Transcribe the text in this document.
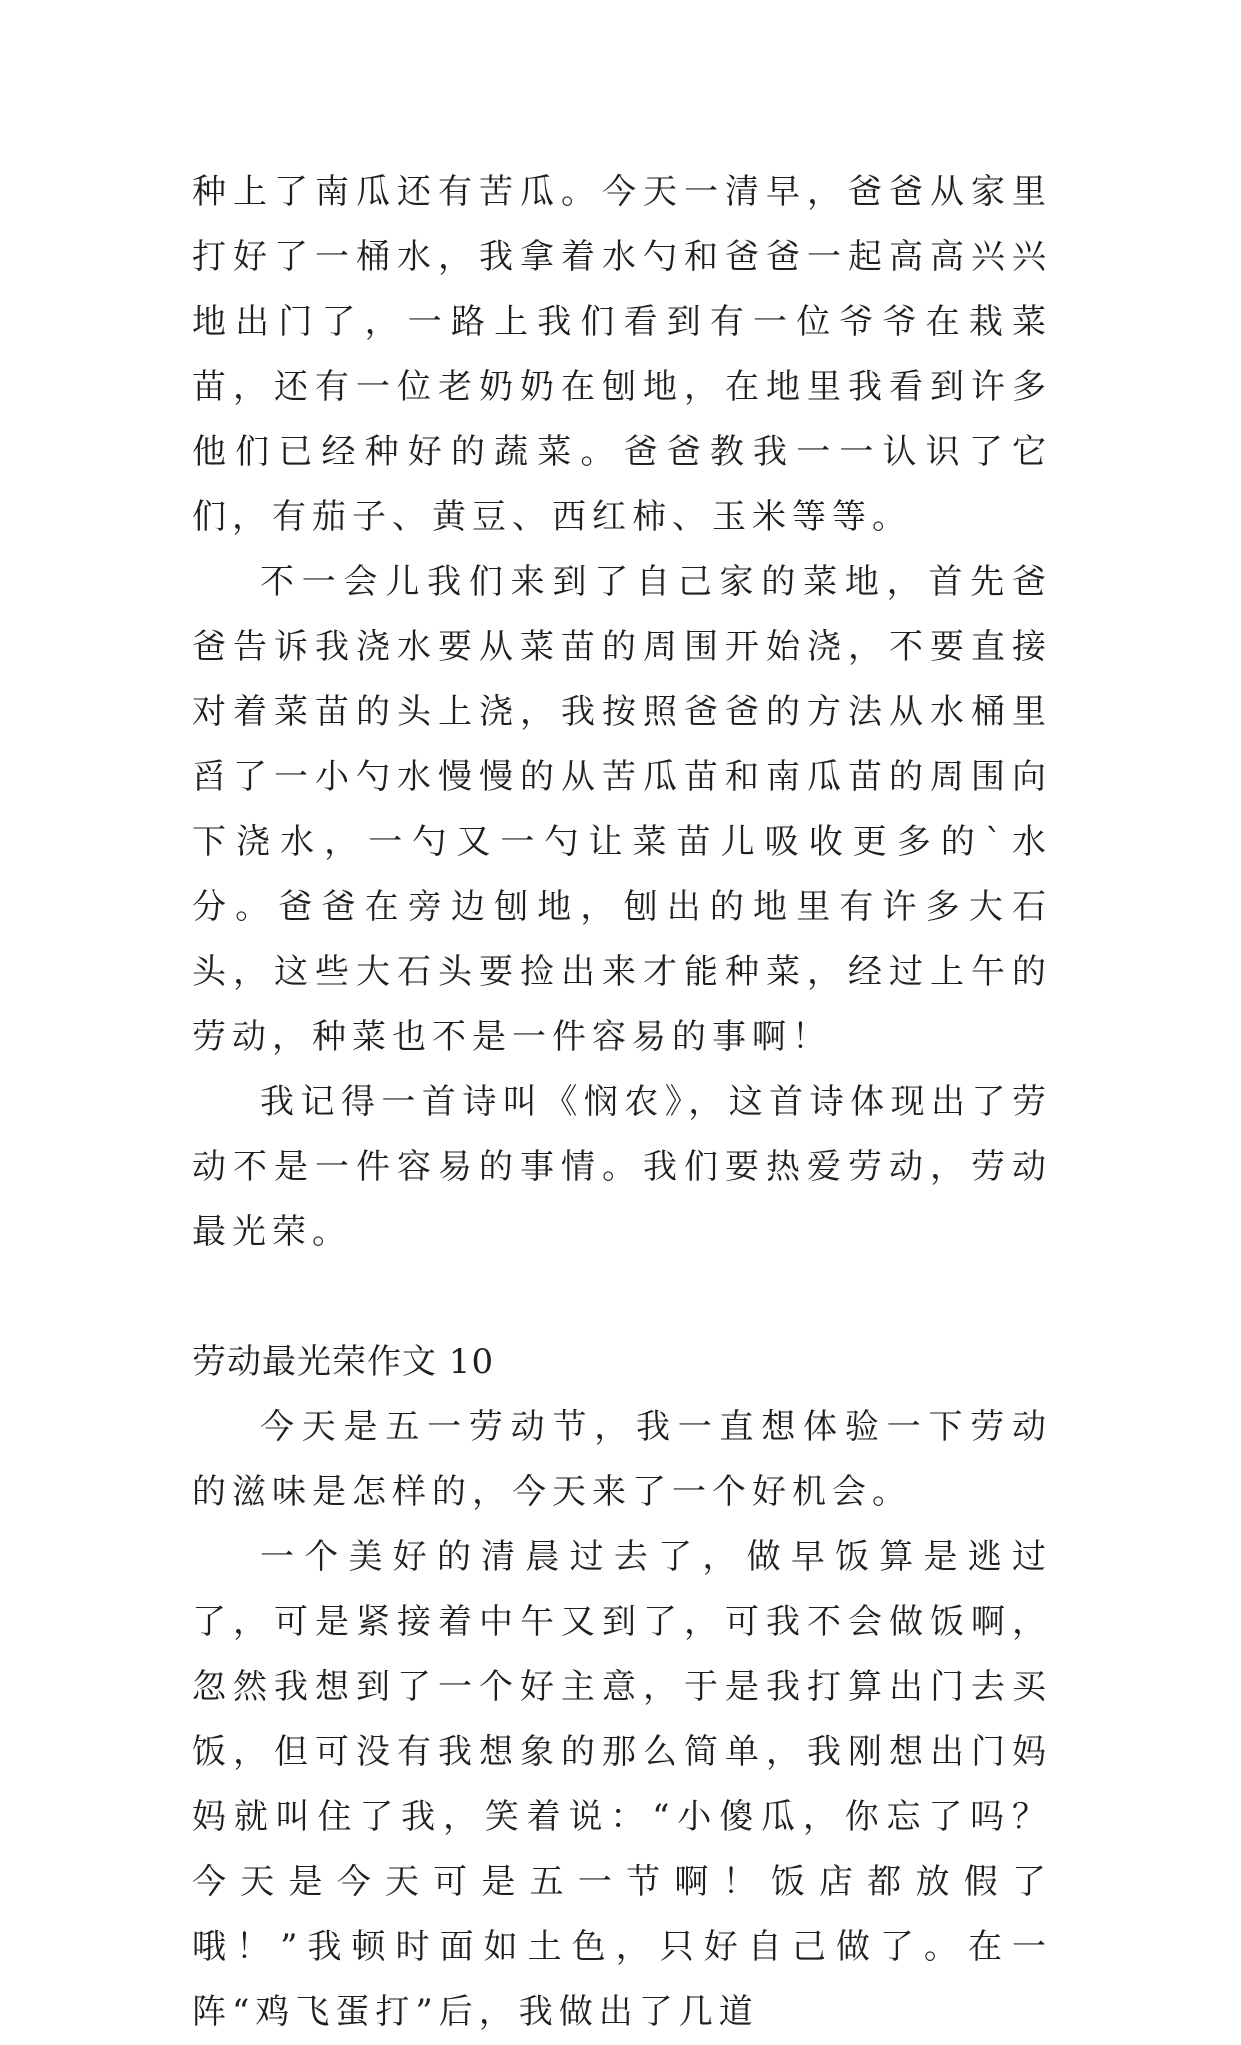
种上了南瓜还有苦瓜。今天一清早，爸爸从家里打好了一桶水，我拿着水勺和爸爸一起高高兴兴地出门了，一路上我们看到有一位爷爷在栽菜苗，还有一位老奶奶在刨地，在地里我看到许多他们已经种好的蔬菜。爸爸教我一一认识了它们，有茄子、黄豆、西红柿、玉米等等。

不一会儿我们来到了自己家的菜地，首先爸爸告诉我浇水要从菜苗的周围开始浇，不要直接对着菜苗的头上浇，我按照爸爸的方法从水桶里舀了一小勺水慢慢的从苦瓜苗和南瓜苗的周围向下浇水，一勺又一勺让菜苗儿吸收更多的`水分。爸爸在旁边刨地，刨出的地里有许多大石头，这些大石头要捡出来才能种菜，经过上午的劳动，种菜也不是一件容易的事啊！

我记得一首诗叫《悯农》，这首诗体现出了劳动不是一件容易的事情。我们要热爱劳动，劳动最光荣。

劳动最光荣作文 10

今天是五一劳动节，我一直想体验一下劳动的滋味是怎样的，今天来了一个好机会。

一个美好的清晨过去了，做早饭算是逃过了，可是紧接着中午又到了，可我不会做饭啊，忽然我想到了一个好主意，于是我打算出门去买饭，但可没有我想象的那么简单，我刚想出门妈妈就叫住了我，笑着说：“小傻瓜，你忘了吗？今天是今天可是五一节啊！饭店都放假了哦！”我顿时面如土色，只好自己做了。在一阵“鸡飞蛋打”后，我做出了几道
